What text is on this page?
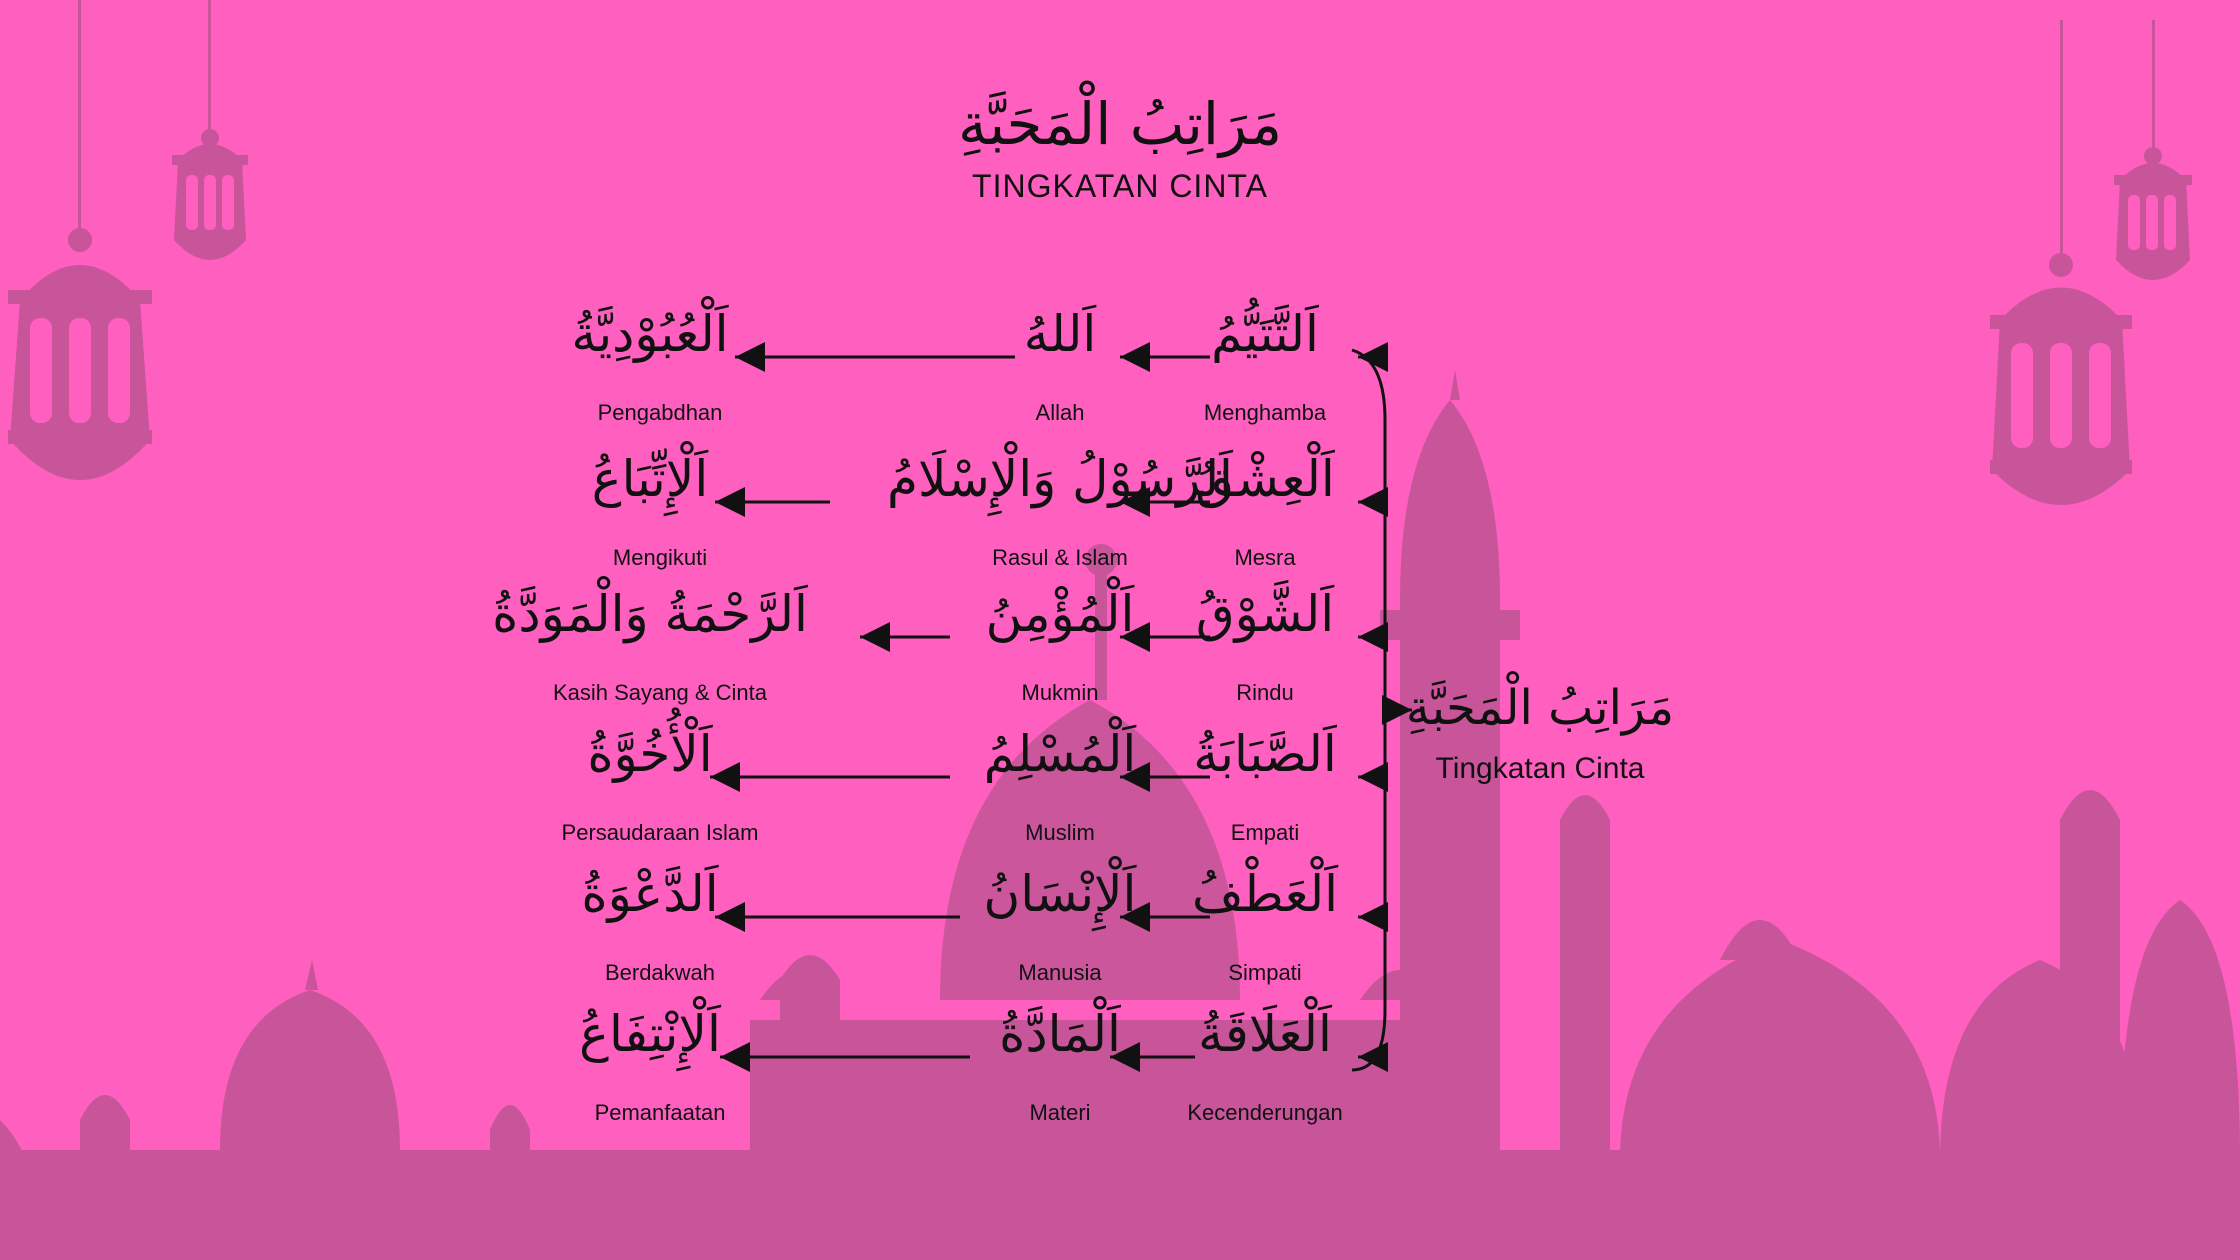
مَرَاتِبُ الْمَحَبَّةِ
TINGKATAN CINTA
اَلتَّتَيُّمُ
Menghamba
اَللهُ
Allah
اَلْعُبُوْدِيَّةُ
Pengabdhan
اَلْعِشْقُ
Mesra
اَلرَّسُوْلُ وَالْإِسْلَامُ
Rasul & Islam
اَلْإِتِّبَاعُ
Mengikuti
اَلشَّوْقُ
Rindu
اَلْمُؤْمِنُ
Mukmin
اَلرَّحْمَةُ وَالْمَوَدَّةُ
Kasih Sayang & Cinta
اَلصَّبَابَةُ
Empati
اَلْمُسْلِمُ
Muslim
اَلْأُخُوَّةُ
Persaudaraan Islam
اَلْعَطْفُ
Simpati
اَلْإِنْسَانُ
Manusia
اَلدَّعْوَةُ
Berdakwah
اَلْعَلَاقَةُ
Kecenderungan
اَلْمَادَّةُ
Materi
اَلْإِنْتِفَاعُ
Pemanfaatan
مَرَاتِبُ الْمَحَبَّةِ
Tingkatan Cinta
